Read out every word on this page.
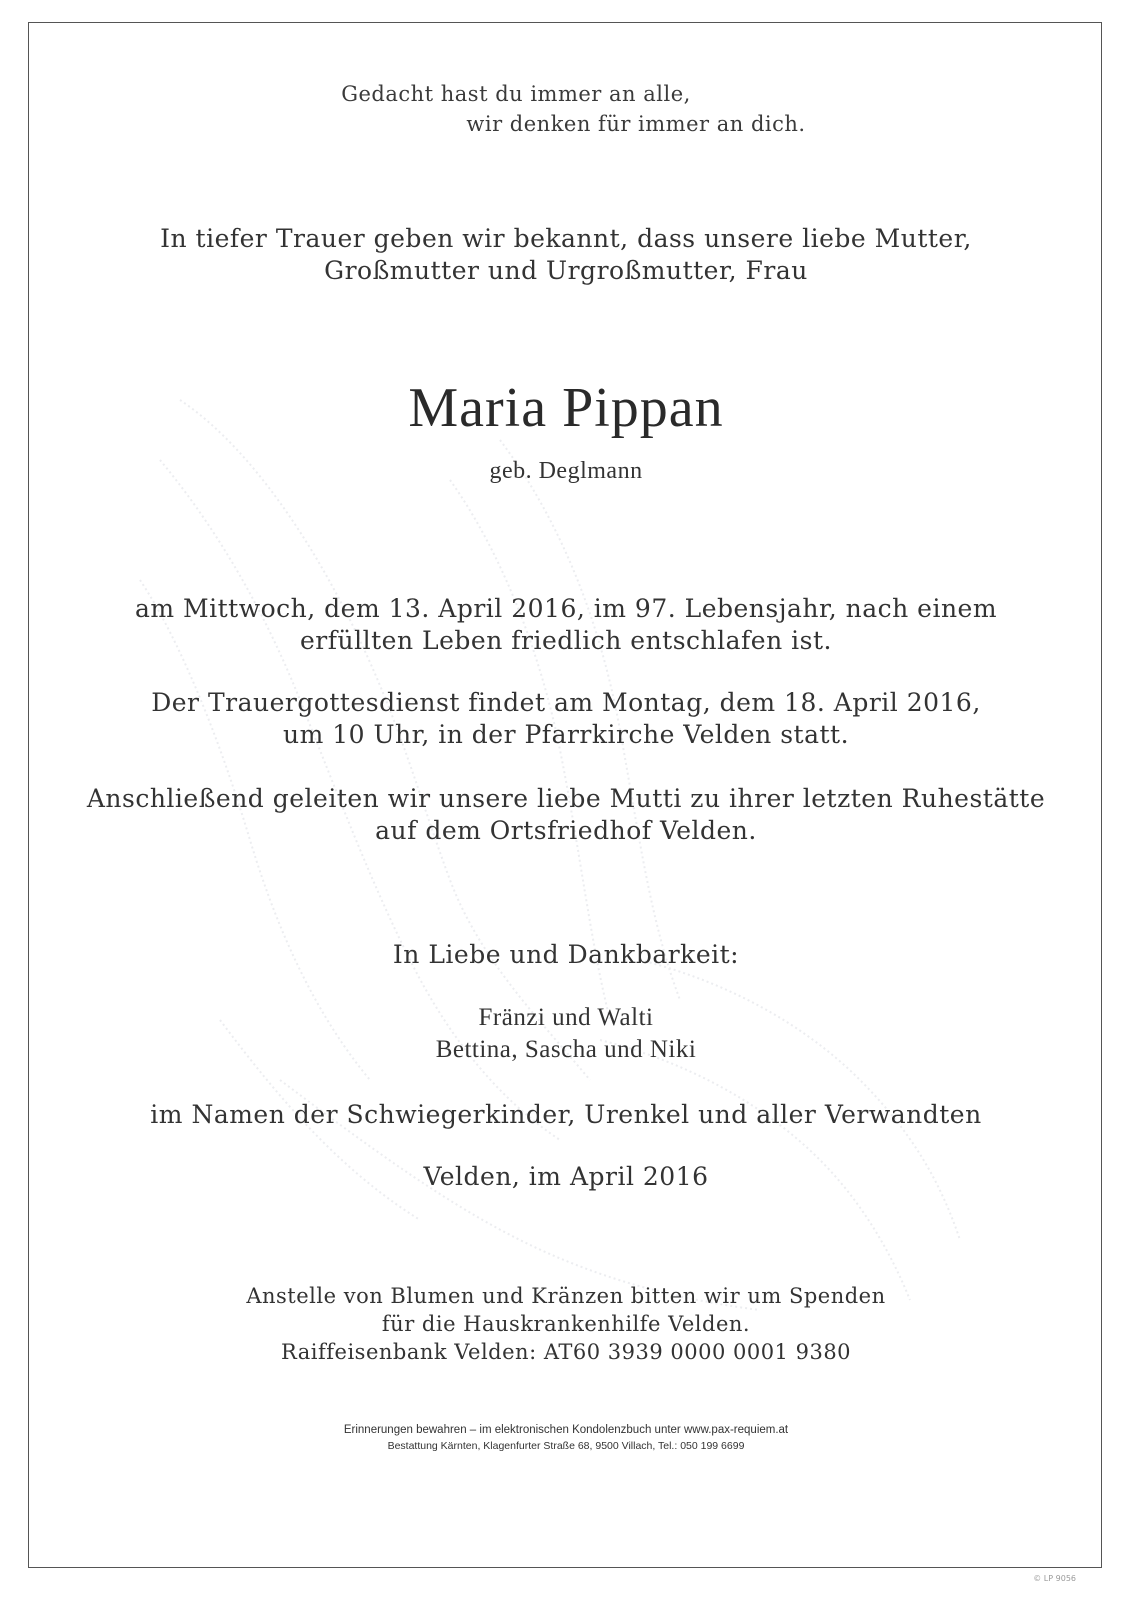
Gedacht hast du immer an alle,
wir denken für immer an dich.
In tiefer Trauer geben wir bekannt, dass unsere liebe Mutter,
Großmutter und Urgroßmutter, Frau
Maria Pippan
geb. Deglmann
am Mittwoch, dem 13. April 2016, im 97. Lebensjahr, nach einem
erfüllten Leben friedlich entschlafen ist.
Der Trauergottesdienst findet am Montag, dem 18. April 2016,
um 10 Uhr, in der Pfarrkirche Velden statt.
Anschließend geleiten wir unsere liebe Mutti zu ihrer letzten Ruhestätte
auf dem Ortsfriedhof Velden.
In Liebe und Dankbarkeit:
Fränzi und Walti
Bettina, Sascha und Niki
im Namen der Schwiegerkinder, Urenkel und aller Verwandten
Velden, im April 2016
Anstelle von Blumen und Kränzen bitten wir um Spenden
für die Hauskrankenhilfe Velden.
Raiffeisenbank Velden: AT60 3939 0000 0001 9380
Erinnerungen bewahren – im elektronischen Kondolenzbuch unter www.pax-requiem.at
Bestattung Kärnten, Klagenfurter Straße 68, 9500 Villach, Tel.: 050 199 6699
© LP 9056
